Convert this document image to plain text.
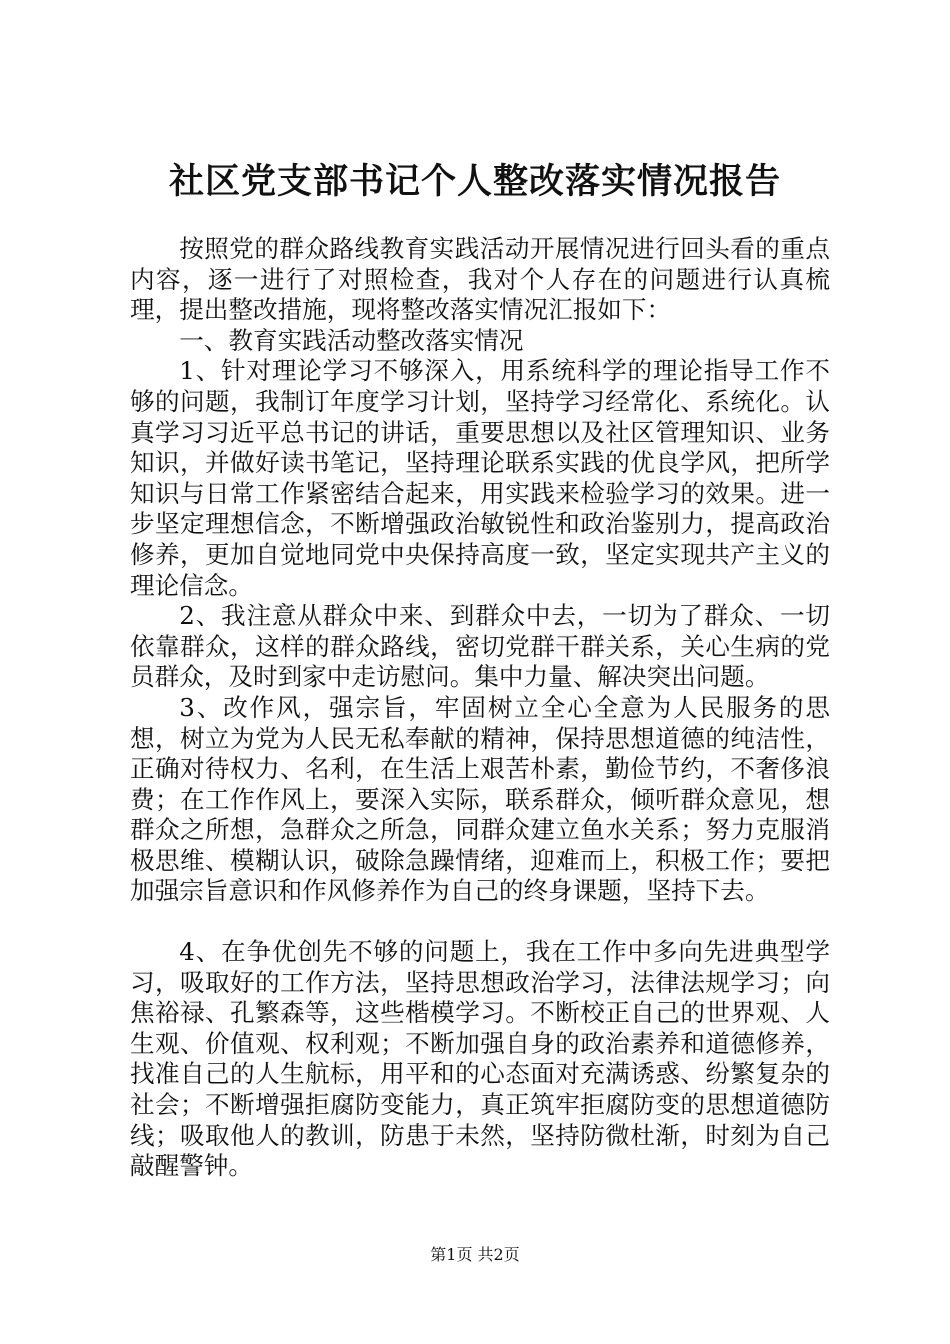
社区党支部书记个人整改落实情况报告

按照党的群众路线教育实践活动开展情况进行回头看的重点内容，逐一进行了对照检查，我对个人存在的问题进行认真梳理，提出整改措施，现将整改落实情况汇报如下：

一、教育实践活动整改落实情况

1、针对理论学习不够深入，用系统科学的理论指导工作不够的问题，我制订年度学习计划，坚持学习经常化、系统化。认真学习习近平总书记的讲话，重要思想以及社区管理知识、业务知识，并做好读书笔记，坚持理论联系实践的优良学风，把所学知识与日常工作紧密结合起来，用实践来检验学习的效果。进一步坚定理想信念，不断增强政治敏锐性和政治鉴别力，提高政治修养，更加自觉地同党中央保持高度一致，坚定实现共产主义的理论信念。

2、我注意从群众中来、到群众中去，一切为了群众、一切依靠群众，这样的群众路线，密切党群干群关系，关心生病的党员群众，及时到家中走访慰问。集中力量、解决突出问题。

3、改作风，强宗旨，牢固树立全心全意为人民服务的思想，树立为党为人民无私奉献的精神，保持思想道德的纯洁性，正确对待权力、名利，在生活上艰苦朴素，勤俭节约，不奢侈浪费；在工作作风上，要深入实际，联系群众，倾听群众意见，想群众之所想，急群众之所急，同群众建立鱼水关系；努力克服消极思维、模糊认识，破除急躁情绪，迎难而上，积极工作；要把加强宗旨意识和作风修养作为自己的终身课题，坚持下去。

4、在争优创先不够的问题上，我在工作中多向先进典型学习，吸取好的工作方法，坚持思想政治学习，法律法规学习；向焦裕禄、孔繁森等，这些楷模学习。不断校正自己的世界观、人生观、价值观、权利观；不断加强自身的政治素养和道德修养，找准自己的人生航标，用平和的心态面对充满诱惑、纷繁复杂的社会；不断增强拒腐防变能力，真正筑牢拒腐防变的思想道德防线；吸取他人的教训，防患于未然，坚持防微杜渐，时刻为自己敲醒警钟。

第1页 共2页
